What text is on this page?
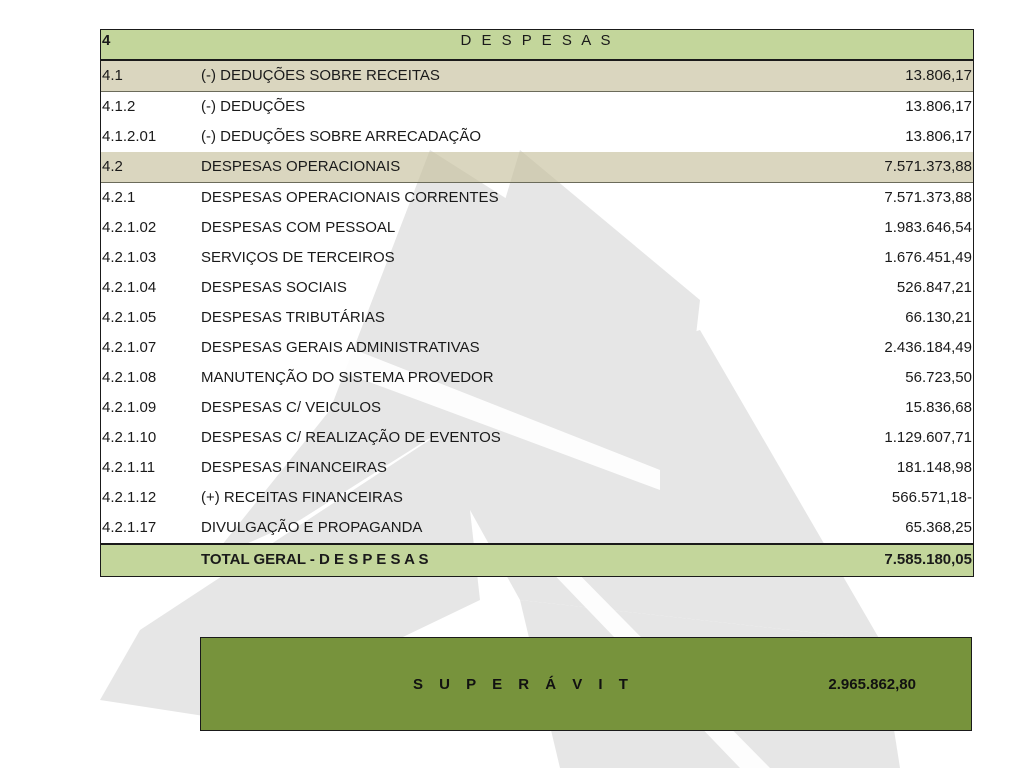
4	D E S P E S A S
4.1	(-) DEDUÇÕES SOBRE RECEITAS	13.806,17
4.1.2	(-) DEDUÇÕES	13.806,17
4.1.2.01	(-) DEDUÇÕES SOBRE ARRECADAÇÃO	13.806,17
4.2	DESPESAS OPERACIONAIS	7.571.373,88
4.2.1	DESPESAS OPERACIONAIS CORRENTES	7.571.373,88
4.2.1.02	DESPESAS COM PESSOAL	1.983.646,54
4.2.1.03	SERVIÇOS DE TERCEIROS	1.676.451,49
4.2.1.04	DESPESAS SOCIAIS	526.847,21
4.2.1.05	DESPESAS TRIBUTÁRIAS	66.130,21
4.2.1.07	DESPESAS GERAIS ADMINISTRATIVAS	2.436.184,49
4.2.1.08	MANUTENÇÃO DO SISTEMA PROVEDOR	56.723,50
4.2.1.09	DESPESAS C/ VEICULOS	15.836,68
4.2.1.10	DESPESAS C/ REALIZAÇÃO DE EVENTOS	1.129.607,71
4.2.1.11	DESPESAS FINANCEIRAS	181.148,98
4.2.1.12	(+) RECEITAS FINANCEIRAS	566.571,18-
4.2.1.17	DIVULGAÇÃO E PROPAGANDA	65.368,25
TOTAL GERAL - D E S P E S A S	7.585.180,05
S U P E R Á V I T	2.965.862,80
